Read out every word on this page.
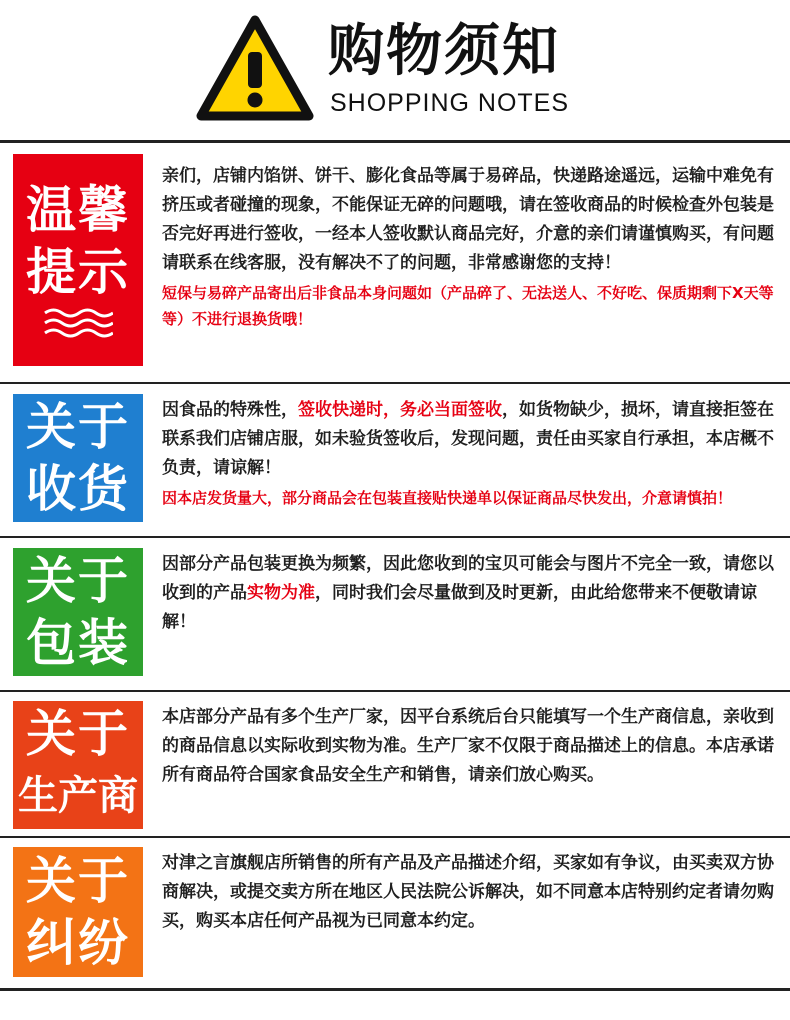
购物须知
SHOPPING NOTES
温馨
提示
亲们，店铺内馅饼、饼干、膨化食品等属于易碎品，快递路途遥远，运输中难免有挤压或者碰撞的现象，不能保证无碎的问题哦，请在签收商品的时候检查外包装是否完好再进行签收，一经本人签收默认商品完好，介意的亲们请谨慎购买，有问题请联系在线客服，没有解决不了的问题，非常感谢您的支持！
短保与易碎产品寄出后非食品本身问题如（产品碎了、无法送人、不好吃、保质期剩下X天等等）不进行退换货哦！
关于
收货
因食品的特殊性，签收快递时，务必当面签收，如货物缺少，损坏，请直接拒签在联系我们店铺店服，如未验货签收后，发现问题，责任由买家自行承担，本店概不负责，请谅解！
因本店发货量大，部分商品会在包装直接贴快递单以保证商品尽快发出，介意请慎拍！
关于
包装
因部分产品包装更换为频繁，因此您收到的宝贝可能会与图片不完全一致，请您以收到的产品实物为准，同时我们会尽量做到及时更新，由此给您带来不便敬请谅解！
关于
生产商
本店部分产品有多个生产厂家，因平台系统后台只能填写一个生产商信息，亲收到的商品信息以实际收到实物为准。生产厂家不仅限于商品描述上的信息。本店承诺所有商品符合国家食品安全生产和销售，请亲们放心购买。
关于
纠纷
对津之言旗舰店所销售的所有产品及产品描述介绍，买家如有争议，由买卖双方协商解决，或提交卖方所在地区人民法院公诉解决，如不同意本店特别约定者请勿购买，购买本店任何产品视为已同意本约定。
